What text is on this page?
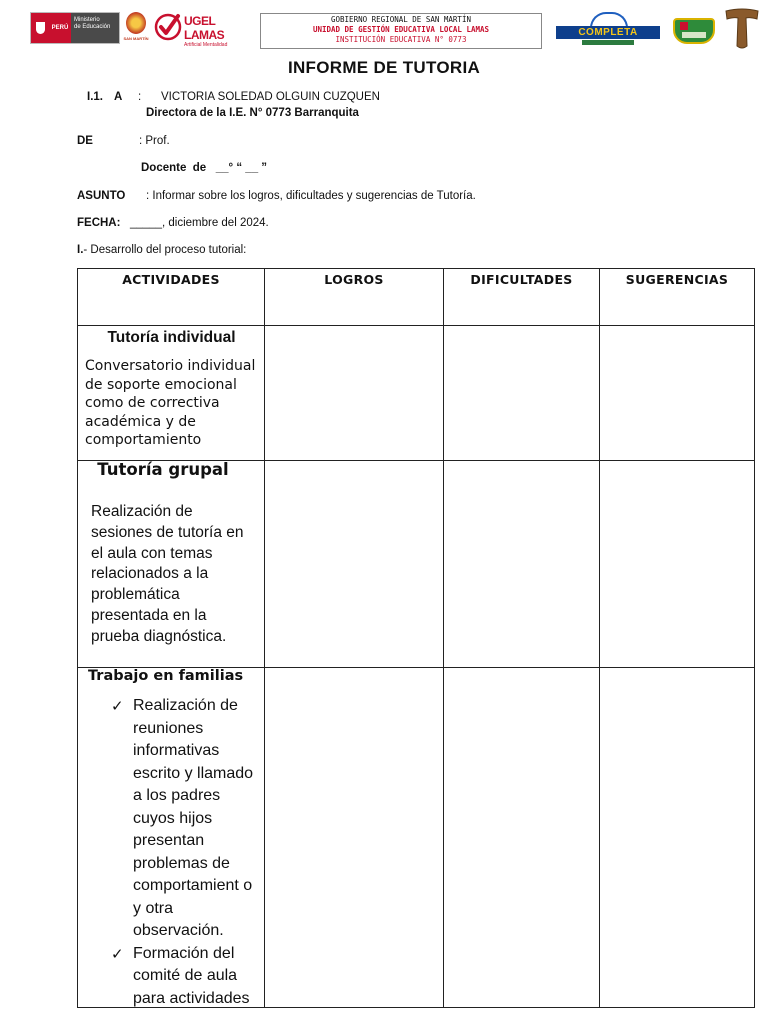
PERÚ
Ministerio
de Educación
SAN MARTÍN
UGEL LAMAS
Artificial Mentalidad
GOBIERNO REGIONAL DE SAN MARTÍN
UNIDAD DE GESTIÓN EDUCATIVA LOCAL LAMAS
INSTITUCIÓN EDUCATIVA N° 0773
COMPLETA
INFORME DE TUTORIA
I.1. A : VICTORIA SOLEDAD OLGUIN CUZQUEN
Directora de la I.E. N° 0773 Barranquita
DE	: Prof.
Docente  de   __° “ __ ”
ASUNTO : Informar sobre los logros, dificultades y sugerencias de Tutoría.
FECHA: _____, diciembre del 2024.
I.- Desarrollo del proceso tutorial:
ACTIVIDADES	LOGROS	DIFICULTADES	SUGERENCIAS
Tutoría individual
Conversatorio individual de soporte emocional como de correctiva académica y de comportamiento
Tutoría grupal
Realización de sesiones de tutoría en el aula con temas relacionados a la problemática presentada en la prueba diagnóstica.
Trabajo en familias
✓ Realización de reuniones informativas escrito y llamado a los padres cuyos hijos presentan problemas de comportamient o y otra observación.
✓ Formación del comité de aula para actividades
